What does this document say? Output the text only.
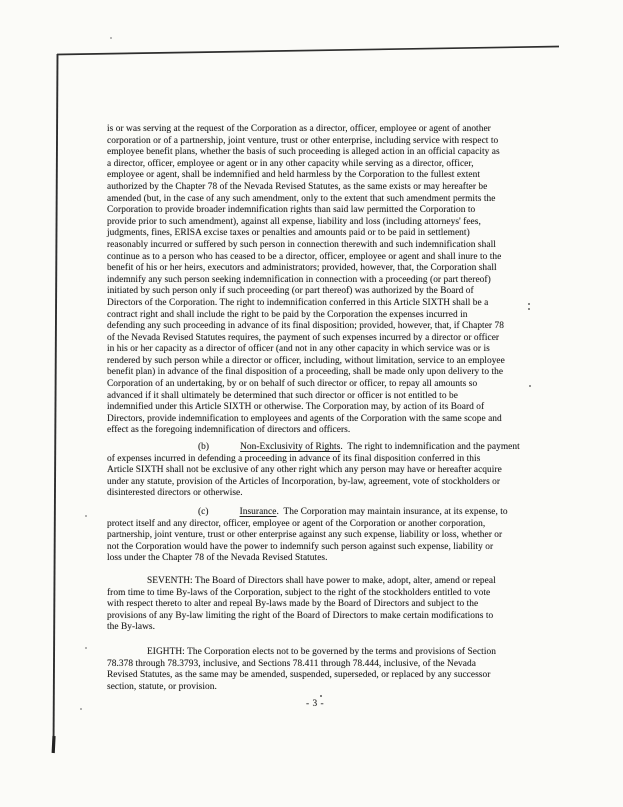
is or was serving at the request of the Corporation as a director, officer, employee or agent of another
corporation or of a partnership, joint venture, trust or other enterprise, including service with respect to
employee benefit plans, whether the basis of such proceeding is alleged action in an official capacity as
a director, officer, employee or agent or in any other capacity while serving as a director, officer,
employee or agent, shall be indemnified and held harmless by the Corporation to the fullest extent
authorized by the Chapter 78 of the Nevada Revised Statutes, as the same exists or may hereafter be
amended (but, in the case of any such amendment, only to the extent that such amendment permits the
Corporation to provide broader indemnification rights than said law permitted the Corporation to
provide prior to such amendment), against all expense, liability and loss (including attorneys' fees,
judgments, fines, ERISA excise taxes or penalties and amounts paid or to be paid in settlement)
reasonably incurred or suffered by such person in connection therewith and such indemnification shall
continue as to a person who has ceased to be a director, officer, employee or agent and shall inure to the
benefit of his or her heirs, executors and administrators; provided, however, that, the Corporation shall
indemnify any such person seeking indemnification in connection with a proceeding (or part thereof)
initiated by such person only if such proceeding (or part thereof) was authorized by the Board of
Directors of the Corporation. The right to indemnification conferred in this Article SIXTH shall be a
contract right and shall include the right to be paid by the Corporation the expenses incurred in
defending any such proceeding in advance of its final disposition; provided, however, that, if Chapter 78
of the Nevada Revised Statutes requires, the payment of such expenses incurred by a director or officer
in his or her capacity as a director of officer (and not in any other capacity in which service was or is
rendered by such person while a director or officer, including, without limitation, service to an employee
benefit plan) in advance of the final disposition of a proceeding, shall be made only upon delivery to the
Corporation of an undertaking, by or on behalf of such director or officer, to repay all amounts so
advanced if it shall ultimately be determined that such director or officer is not entitled to be
indemnified under this Article SIXTH or otherwise. The Corporation may, by action of its Board of
Directors, provide indemnification to employees and agents of the Corporation with the same scope and
effect as the foregoing indemnification of directors and officers.
(b)	Non-Exclusivity of Rights.  The right to indemnification and the payment
of expenses incurred in defending a proceeding in advance of its final disposition conferred in this
Article SIXTH shall not be exclusive of any other right which any person may have or hereafter acquire
under any statute, provision of the Articles of Incorporation, by-law, agreement, vote of stockholders or
disinterested directors or otherwise.
(c)	Insurance.  The Corporation may maintain insurance, at its expense, to
protect itself and any director, officer, employee or agent of the Corporation or another corporation,
partnership, joint venture, trust or other enterprise against any such expense, liability or loss, whether or
not the Corporation would have the power to indemnify such person against such expense, liability or
loss under the Chapter 78 of the Nevada Revised Statutes.
SEVENTH: The Board of Directors shall have power to make, adopt, alter, amend or repeal
from time to time By-laws of the Corporation, subject to the right of the stockholders entitled to vote
with respect thereto to alter and repeal By-laws made by the Board of Directors and subject to the
provisions of any By-law limiting the right of the Board of Directors to make certain modifications to
the By-laws.
EIGHTH: The Corporation elects not to be governed by the terms and provisions of Section
78.378 through 78.3793, inclusive, and Sections 78.411 through 78.444, inclusive, of the Nevada
Revised Statutes, as the same may be amended, suspended, superseded, or replaced by any successor
section, statute, or provision.
- 3 -
